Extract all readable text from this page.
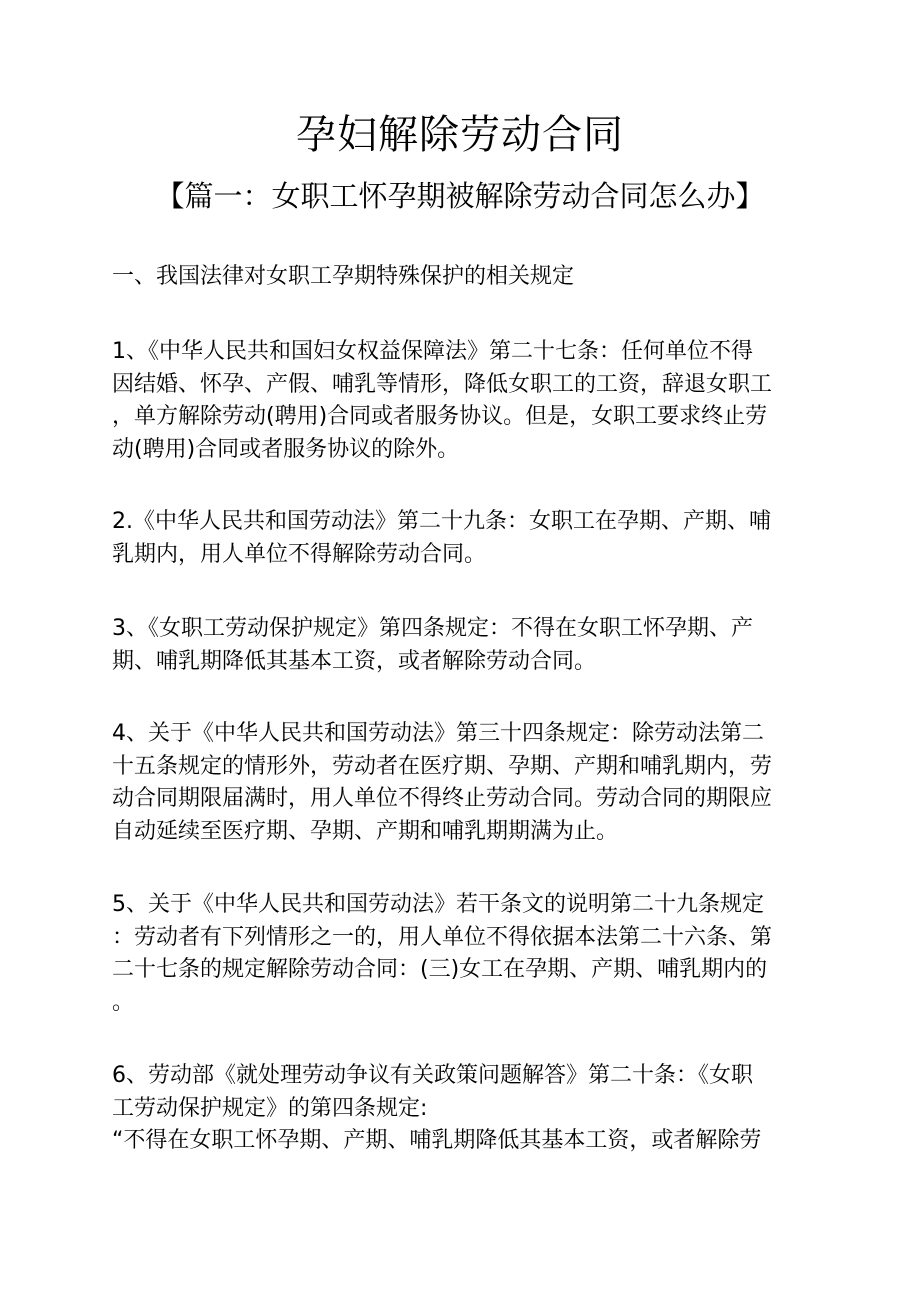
孕妇解除劳动合同
【篇一：女职工怀孕期被解除劳动合同怎么办】
一、我国法律对女职工孕期特殊保护的相关规定
1、《中华人民共和国妇女权益保障法》第二十七条：任何单位不得
因结婚、怀孕、产假、哺乳等情形，降低女职工的工资，辞退女职工
，单方解除劳动(聘用)合同或者服务协议。但是，女职工要求终止劳
动(聘用)合同或者服务协议的除外。
2.《中华人民共和国劳动法》第二十九条：女职工在孕期、产期、哺
乳期内，用人单位不得解除劳动合同。
3、《女职工劳动保护规定》第四条规定：不得在女职工怀孕期、产
期、哺乳期降低其基本工资，或者解除劳动合同。
4、关于《中华人民共和国劳动法》第三十四条规定：除劳动法第二
十五条规定的情形外，劳动者在医疗期、孕期、产期和哺乳期内，劳
动合同期限届满时，用人单位不得终止劳动合同。劳动合同的期限应
自动延续至医疗期、孕期、产期和哺乳期期满为止。
5、关于《中华人民共和国劳动法》若干条文的说明第二十九条规定
：劳动者有下列情形之一的，用人单位不得依据本法第二十六条、第
二十七条的规定解除劳动合同：(三)女工在孕期、产期、哺乳期内的
。
6、劳动部《就处理劳动争议有关政策问题解答》第二十条：《女职
工劳动保护规定》的第四条规定:
“不得在女职工怀孕期、产期、哺乳期降低其基本工资，或者解除劳
